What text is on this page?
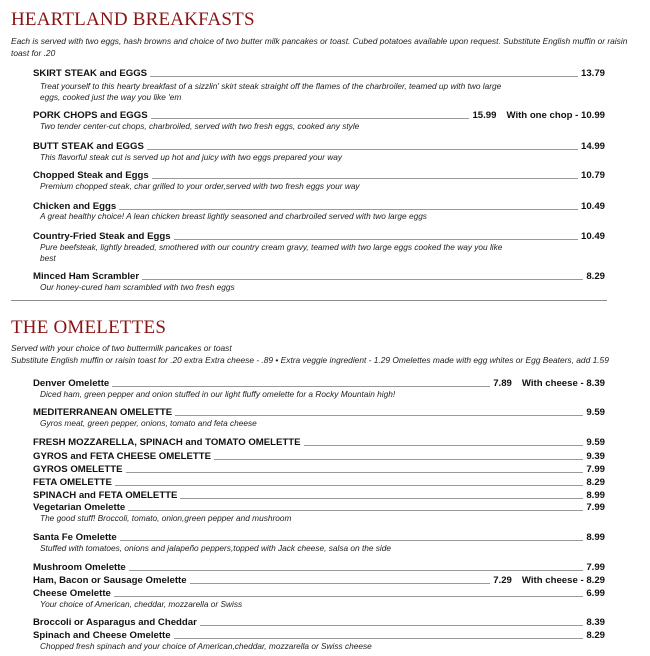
HEARTLAND BREAKFASTS
Each is served with two eggs, hash browns and choice of two butter milk pancakes or toast. Cubed potatoes available upon request. Substitute English muffin or raisin toast for .20
SKIRT STEAK and EGGS	13.79
Treat yourself to this hearty breakfast of a sizzlin' skirt steak straight off the flames of the charbroiler, teamed up with two large eggs, cooked just the way you like 'em
PORK CHOPS and EGGS	15.99 With one chop - 10.99
Two tender center-cut chops, charbroiled, served with two fresh eggs, cooked any style
BUTT STEAK and EGGS	14.99
This flavorful steak cut is served up hot and juicy with two eggs prepared your way
Chopped Steak and Eggs	10.79
Premium chopped steak, char grilled to your order,served with two fresh eggs your way
Chicken and Eggs	10.49
A great healthy choice! A lean chicken breast lightly seasoned and charbroiled served with two large eggs
Country-Fried Steak and Eggs	10.49
Pure beefsteak, lightly breaded, smothered with our country cream gravy, teamed with two large eggs cooked the way you like best
Minced Ham Scrambler	8.29
Our honey-cured ham scrambled with two fresh eggs
THE OMELETTES
Served with your choice of two buttermilk pancakes or toast
Substitute English muffin or raisin toast for .20 extra Extra cheese - .89 • Extra veggie ingredient - 1.29 Omelettes made with egg whites or Egg Beaters, add 1.59
Denver Omelette	7.89 With cheese - 8.39
Diced ham, green pepper and onion stuffed in our light fluffy omelette for a Rocky Mountain high!
MEDITERRANEAN OMELETTE	9.59
Gyros meat, green pepper, onions, tomato and feta cheese
FRESH MOZZARELLA, SPINACH and TOMATO OMELETTE	9.59
GYROS and FETA CHEESE OMELETTE	9.39
GYROS OMELETTE	7.99
FETA OMELETTE	8.29
SPINACH and FETA OMELETTE	8.99
Vegetarian Omelette	7.99
The good stuff! Broccoli, tomato, onion,green pepper and mushroom
Santa Fe Omelette	8.99
Stuffed with tomatoes, onions and jalapeño peppers,topped with Jack cheese, salsa on the side
Mushroom Omelette	7.99
Ham, Bacon or Sausage Omelette	7.29 With cheese - 8.29
Cheese Omelette	6.99
Your choice of American, cheddar, mozzarella or Swiss
Broccoli or Asparagus and Cheddar	8.39
Spinach and Cheese Omelette	8.29
Chopped fresh spinach and your choice of American,cheddar, mozzarella or Swiss cheese
